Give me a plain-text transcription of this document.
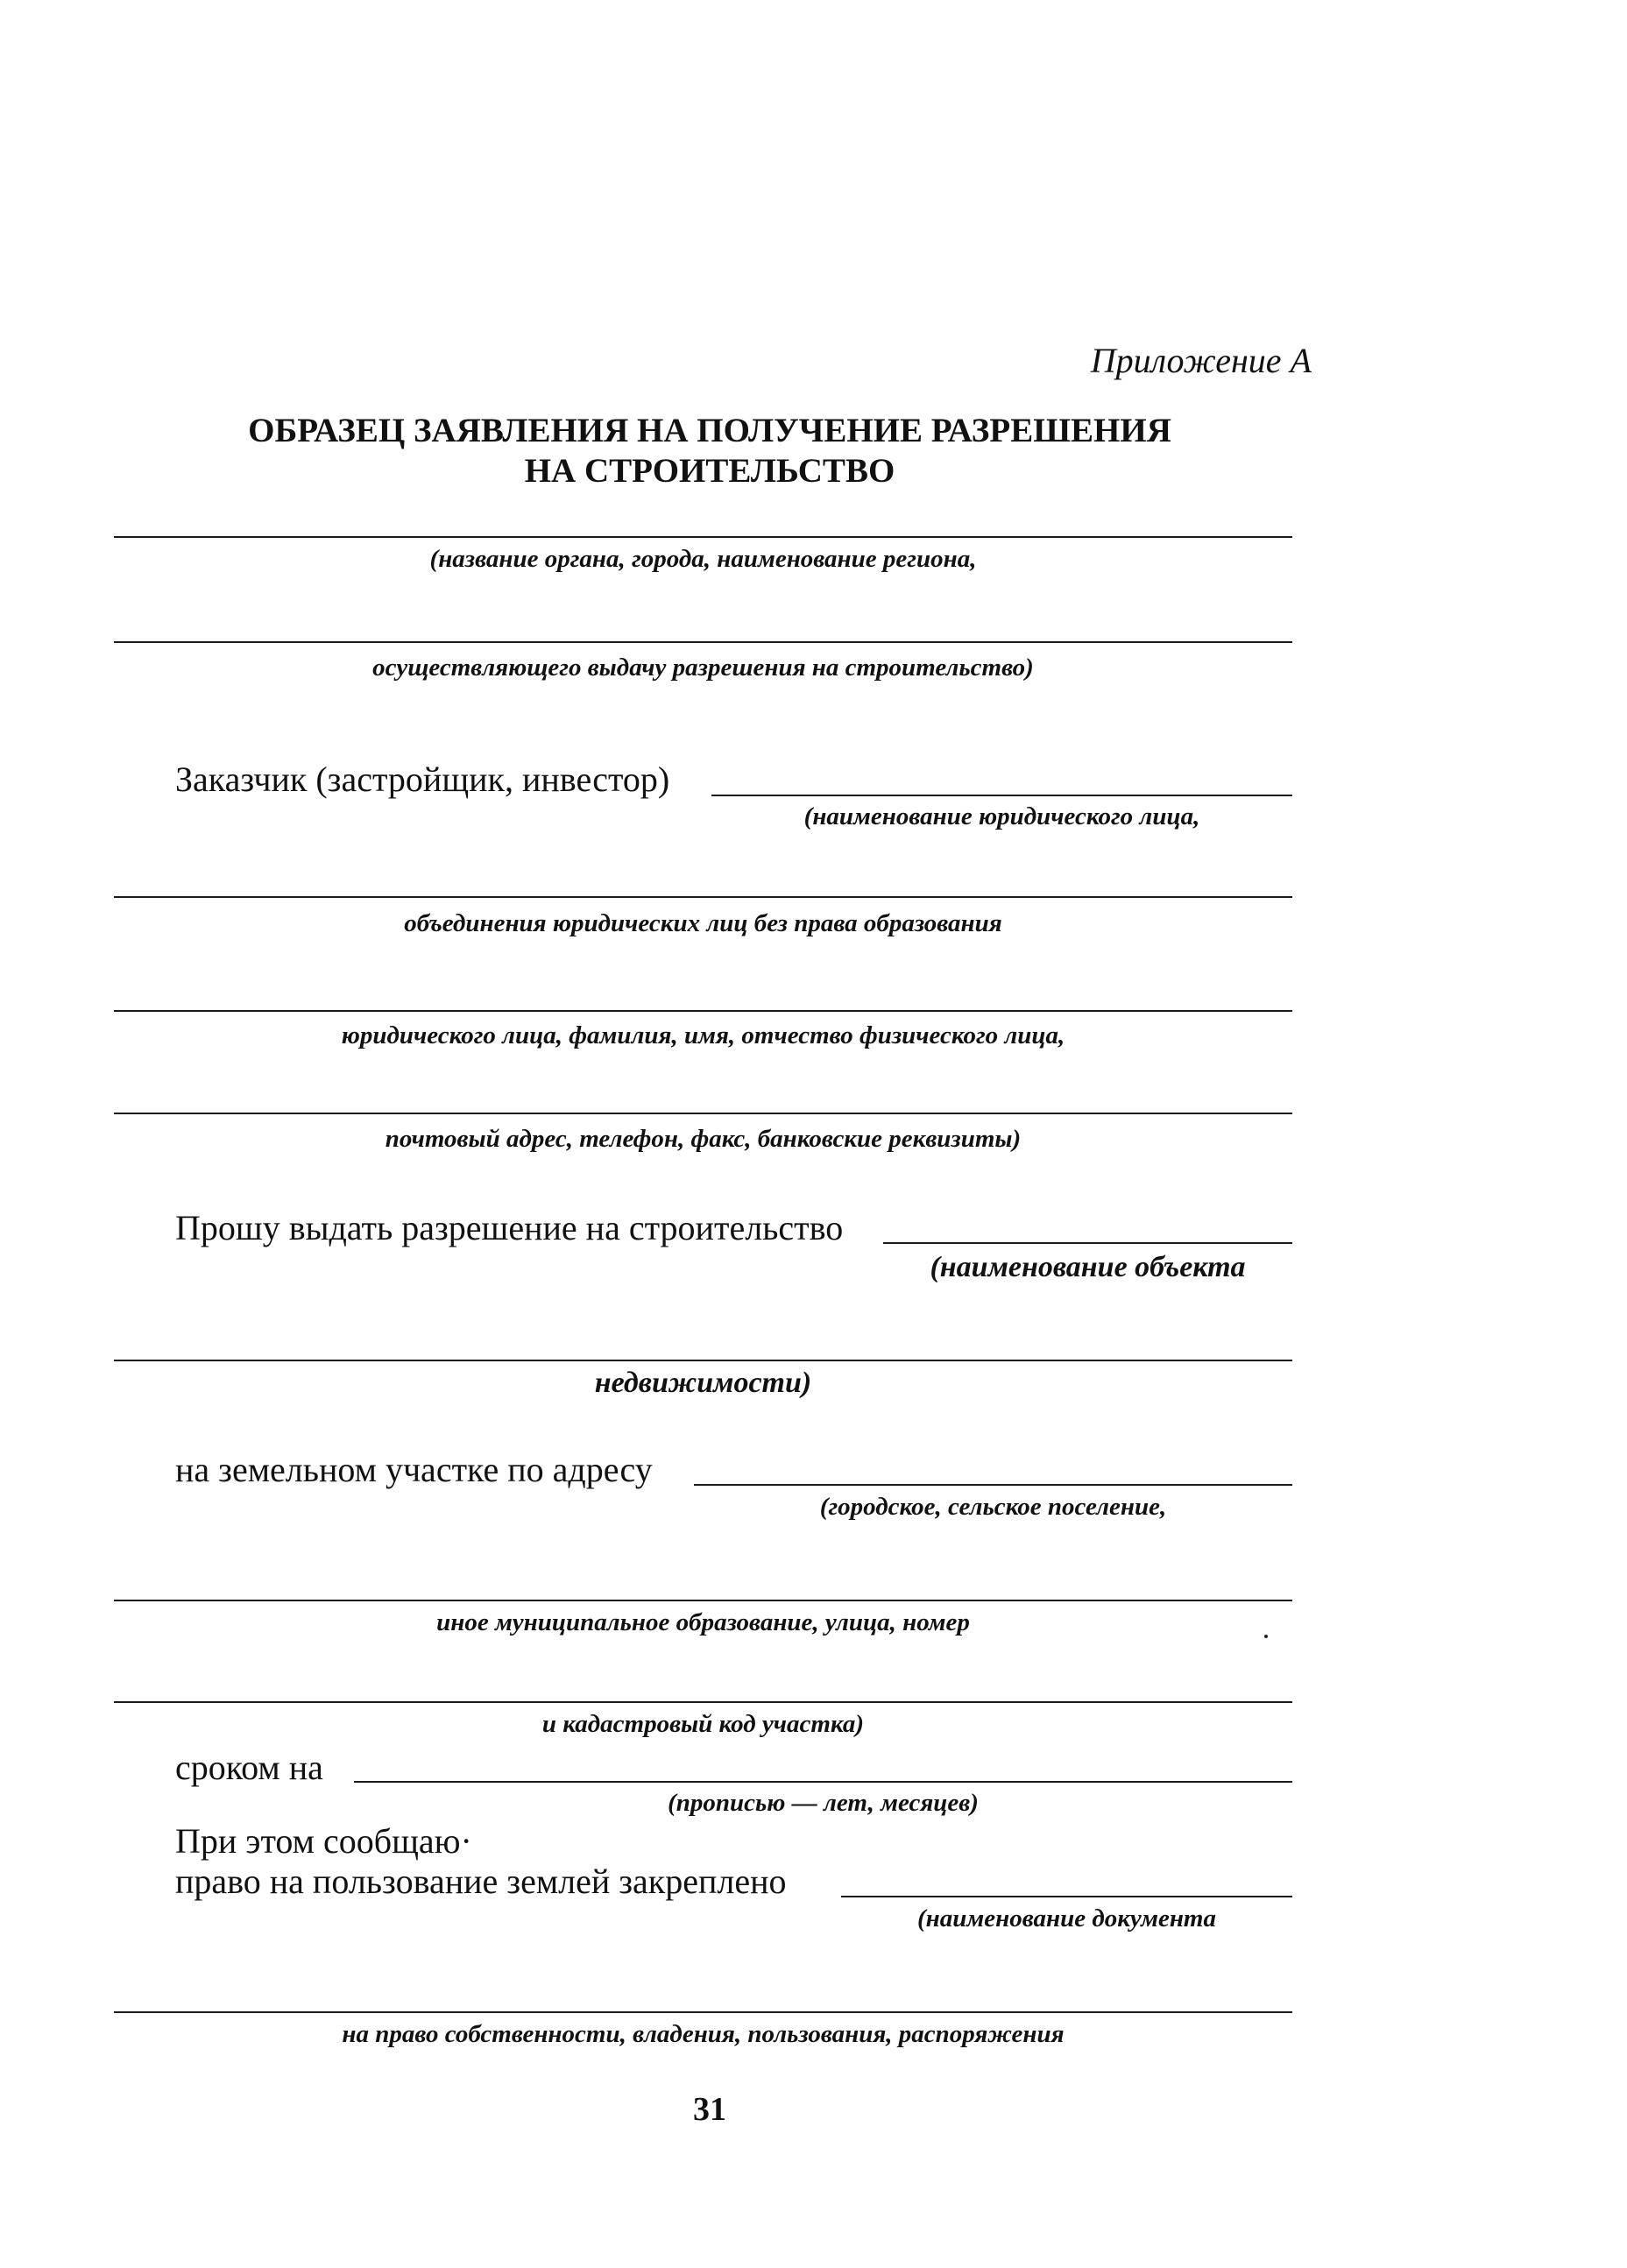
Приложение А
ОБРАЗЕЦ ЗАЯВЛЕНИЯ НА ПОЛУЧЕНИЕ РАЗРЕШЕНИЯ
НА СТРОИТЕЛЬСТВО
(название органа, города, наименование региона,
осуществляющего выдачу разрешения на строительство)
Заказчик (застройщик, инвестор)
(наименование юридического лица,
объединения юридических лиц без права образования
юридического лица, фамилия, имя, отчество физического лица,
почтовый адрес, телефон, факс, банковские реквизиты)
Прошу выдать разрешение на строительство
(наименование объекта
недвижимости)
на земельном участке по адресу
(городское, сельское поселение,
иное муниципальное образование, улица, номер
и кадастровый код участка)
сроком на
(прописью — лет, месяцев)
При этом сообщаю·
право на пользование землей закреплено
(наименование документа
на право собственности, владения, пользования, распоряжения
31
